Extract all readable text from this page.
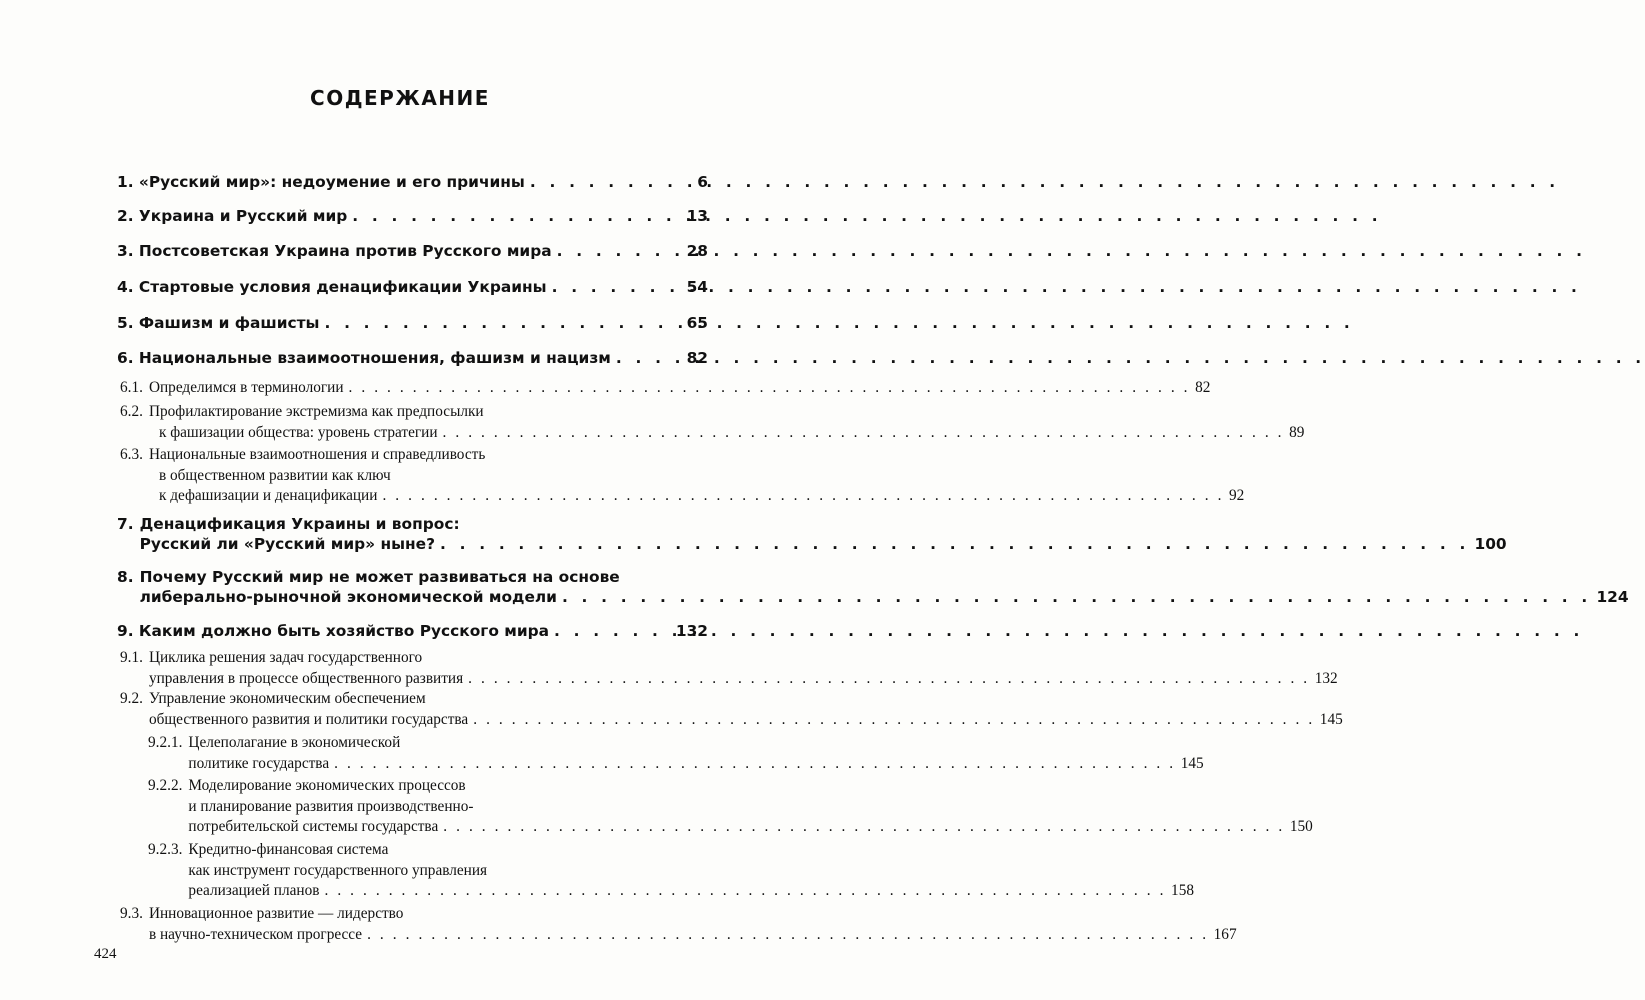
СОДЕРЖАНИЕ
1. «Русский мир»: недоумение и его причины . . .	6
2. Украина и Русский мир . . .	13
3. Постсоветская Украина против Русского мира . . .	28
4. Стартовые условия денацификации Украины . . .	54
5. Фашизм и фашисты . . .	65
6. Национальные взаимоотношения, фашизм и нацизм . . .	82
6.1. Определимся в терминологии . . .	82
6.2. Профилактирование экстремизма как предпосылки
к фашизации общества: уровень стратегии . . .	89
6.3. Национальные взаимоотношения и справедливость
в общественном развитии как ключ
к дефашизации и денацификации . . .	92
7. Денацификация Украины и вопрос:
Русский ли «Русский мир» ныне? . . .	100
8. Почему Русский мир не может развиваться на основе
либерально-рыночной экономической модели . . .	124
9. Каким должно быть хозяйство Русского мира . . .	132
9.1. Циклика решения задач государственного
управления в процессе общественного развития . . .	132
9.2. Управление экономическим обеспечением
общественного развития и политики государства . . .	145
9.2.1. Целеполагание в экономической
политике государства . . .	145
9.2.2. Моделирование экономических процессов
и планирование развития производственно-
потребительской системы государства . . .	150
9.2.3. Кредитно-финансовая система
как инструмент государственного управления
реализацией планов . . .	158
9.3. Инновационное развитие — лидерство
в научно-техническом прогрессе . . .	167
424
